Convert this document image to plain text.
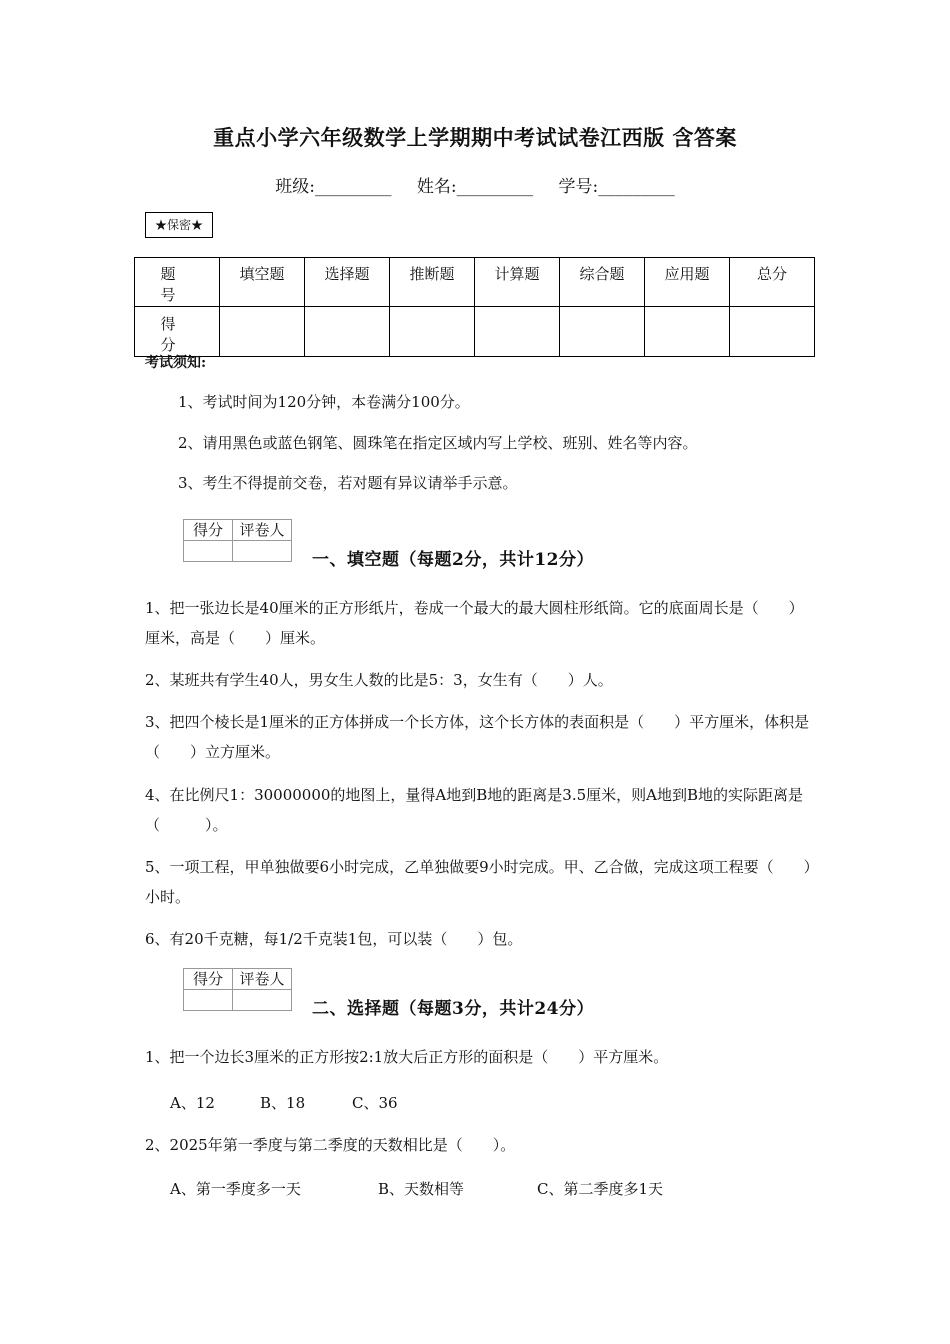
重点小学六年级数学上学期期中考试试卷江西版 含答案
班级:_________ 姓名:_________ 学号:_________
★保密★
题 号	填空题	选择题	推断题	计算题	综合题	应用题	总分
得 分							
考试须知:
1、考试时间为120分钟，本卷满分100分。
2、请用黑色或蓝色钢笔、圆珠笔在指定区域内写上学校、班别、姓名等内容。
3、考生不得提前交卷，若对题有异议请举手示意。
得分	评卷人

一、填空题（每题2分，共计12分）
1、把一张边长是40厘米的正方形纸片，卷成一个最大的最大圆柱形纸筒。它的底面周长是（　　）厘米，高是（　　）厘米。
2、某班共有学生40人，男女生人数的比是5：3，女生有（　　）人。
3、把四个棱长是1厘米的正方体拼成一个长方体，这个长方体的表面积是（　　）平方厘米，体积是（　　）立方厘米。
4、在比例尺1：30000000的地图上，量得A地到B地的距离是3.5厘米，则A地到B地的实际距离是（　　　）。
5、一项工程，甲单独做要6小时完成，乙单独做要9小时完成。甲、乙合做，完成这项工程要（　　）小时。
6、有20千克糖，每1/2千克装1包，可以装（　　）包。
得分	评卷人

二、选择题（每题3分，共计24分）
1、把一个边长3厘米的正方形按2:1放大后正方形的面积是（　　）平方厘米。
A、12	B、18	C、36
2、2025年第一季度与第二季度的天数相比是（　　）。
A、第一季度多一天	B、天数相等	C、第二季度多1天
